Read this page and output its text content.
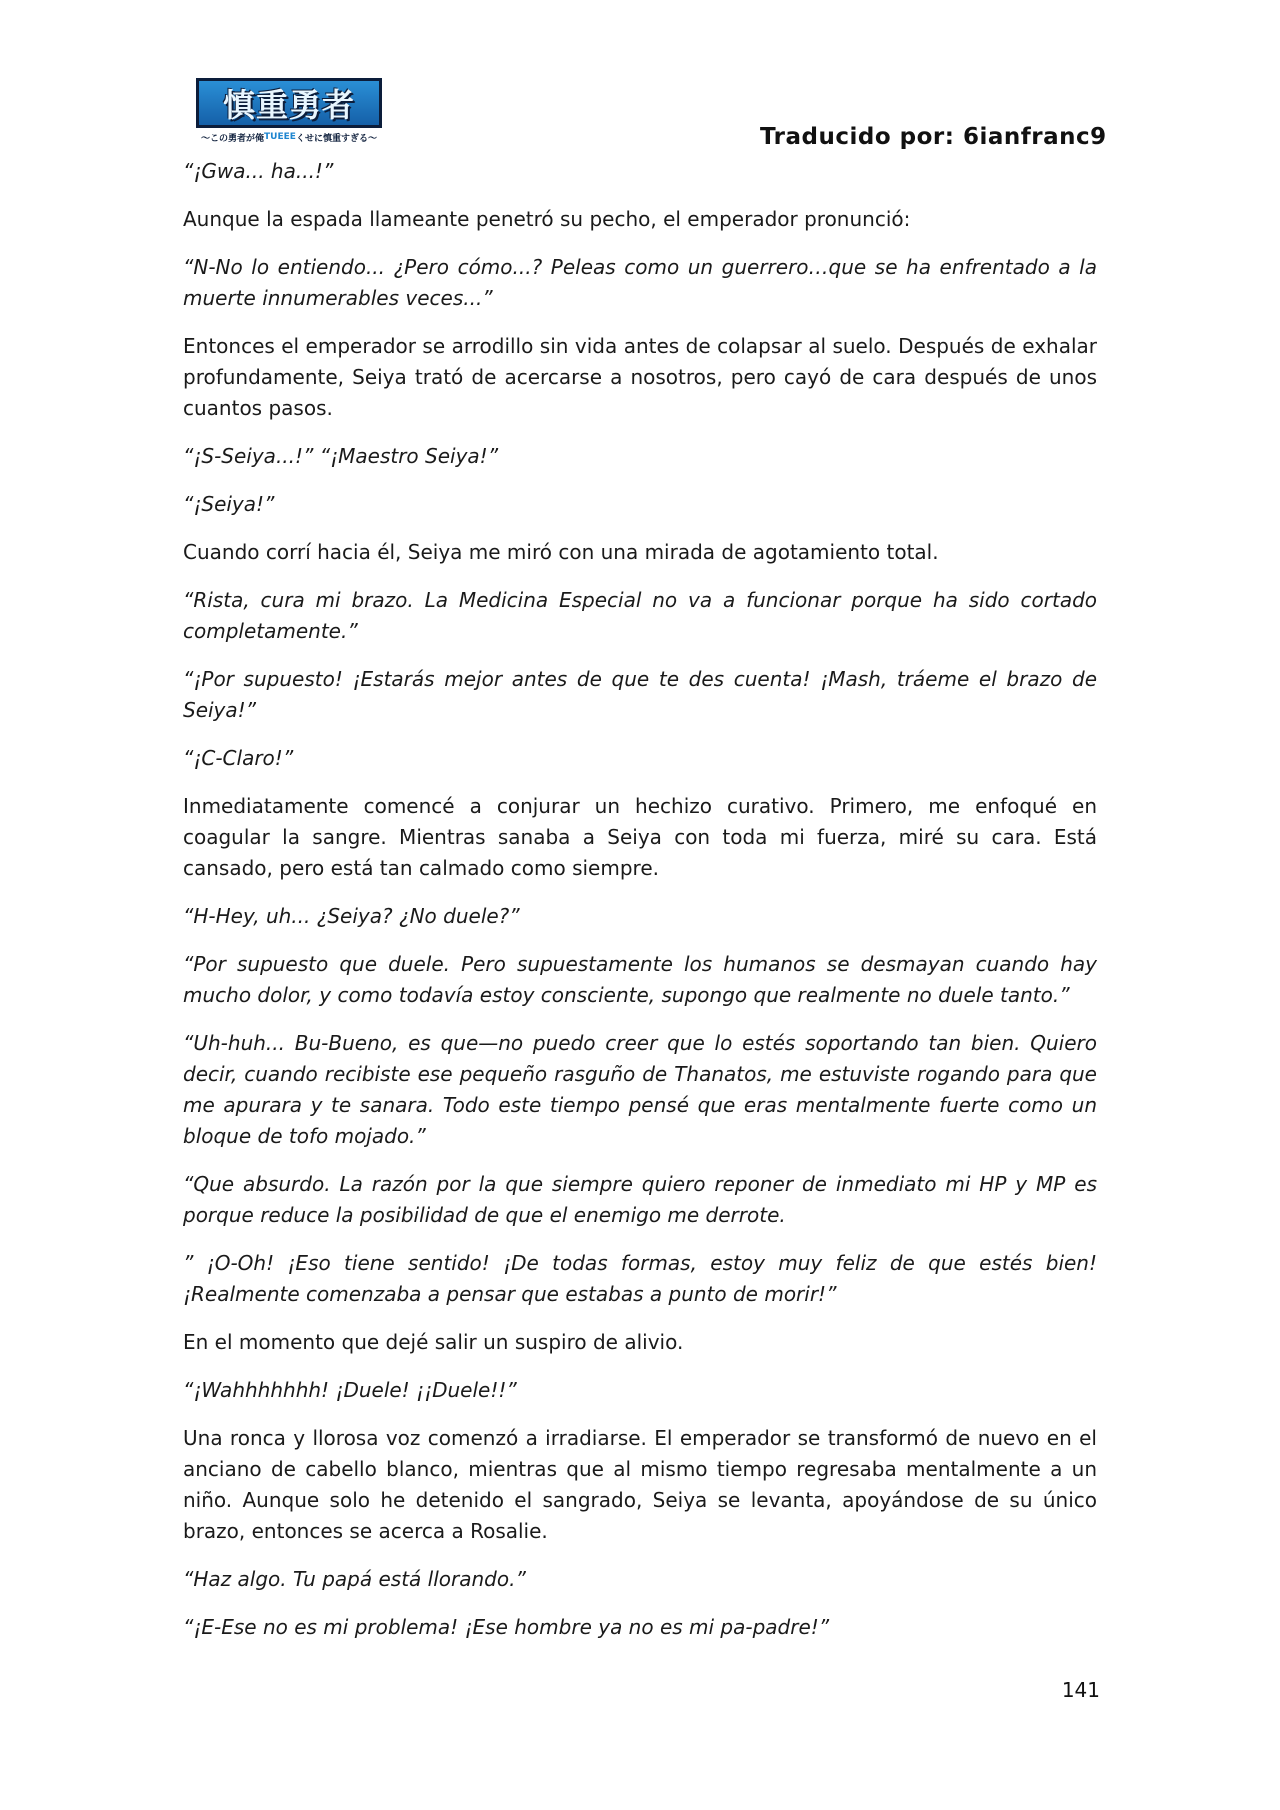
慎重勇者
〜この勇者が俺 TUEEE くせに慎重すぎる〜	Traducido por: 6ianfranc9

“¡Gwa... ha...!”

Aunque la espada llameante penetró su pecho, el emperador pronunció:

“N-No lo entiendo... ¿Pero cómo...? Peleas como un guerrero…que se ha enfrentado a la muerte innumerables veces...”

Entonces el emperador se arrodillo sin vida antes de colapsar al suelo. Después de exhalar profundamente, Seiya trató de acercarse a nosotros, pero cayó de cara después de unos cuantos pasos.

“¡S-Seiya...!” “¡Maestro Seiya!”

“¡Seiya!”

Cuando corrí hacia él, Seiya me miró con una mirada de agotamiento total.

“Rista, cura mi brazo. La Medicina Especial no va a funcionar porque ha sido cortado completamente.”

“¡Por supuesto! ¡Estarás mejor antes de que te des cuenta! ¡Mash, tráeme el brazo de Seiya!”

“¡C-Claro!”

Inmediatamente comencé a conjurar un hechizo curativo. Primero, me enfoqué en coagular la sangre. Mientras sanaba a Seiya con toda mi fuerza, miré su cara. Está cansado, pero está tan calmado como siempre.

“H-Hey, uh... ¿Seiya? ¿No duele?”

“Por supuesto que duele. Pero supuestamente los humanos se desmayan cuando hay mucho dolor, y como todavía estoy consciente, supongo que realmente no duele tanto.”

“Uh-huh... Bu-Bueno, es que—no puedo creer que lo estés soportando tan bien. Quiero decir, cuando recibiste ese pequeño rasguño de Thanatos, me estuviste rogando para que me apurara y te sanara. Todo este tiempo pensé que eras mentalmente fuerte como un bloque de tofo mojado.”

“Que absurdo. La razón por la que siempre quiero reponer de inmediato mi HP y MP es porque reduce la posibilidad de que el enemigo me derrote.

” ¡O-Oh! ¡Eso tiene sentido! ¡De todas formas, estoy muy feliz de que estés bien! ¡Realmente comenzaba a pensar que estabas a punto de morir!”

En el momento que dejé salir un suspiro de alivio.

“¡Wahhhhhhh! ¡Duele! ¡¡Duele!!”

Una ronca y llorosa voz comenzó a irradiarse. El emperador se transformó de nuevo en el anciano de cabello blanco, mientras que al mismo tiempo regresaba mentalmente a un niño. Aunque solo he detenido el sangrado, Seiya se levanta, apoyándose de su único brazo, entonces se acerca a Rosalie.

“Haz algo. Tu papá está llorando.”

“¡E-Ese no es mi problema! ¡Ese hombre ya no es mi pa-padre!”

141
